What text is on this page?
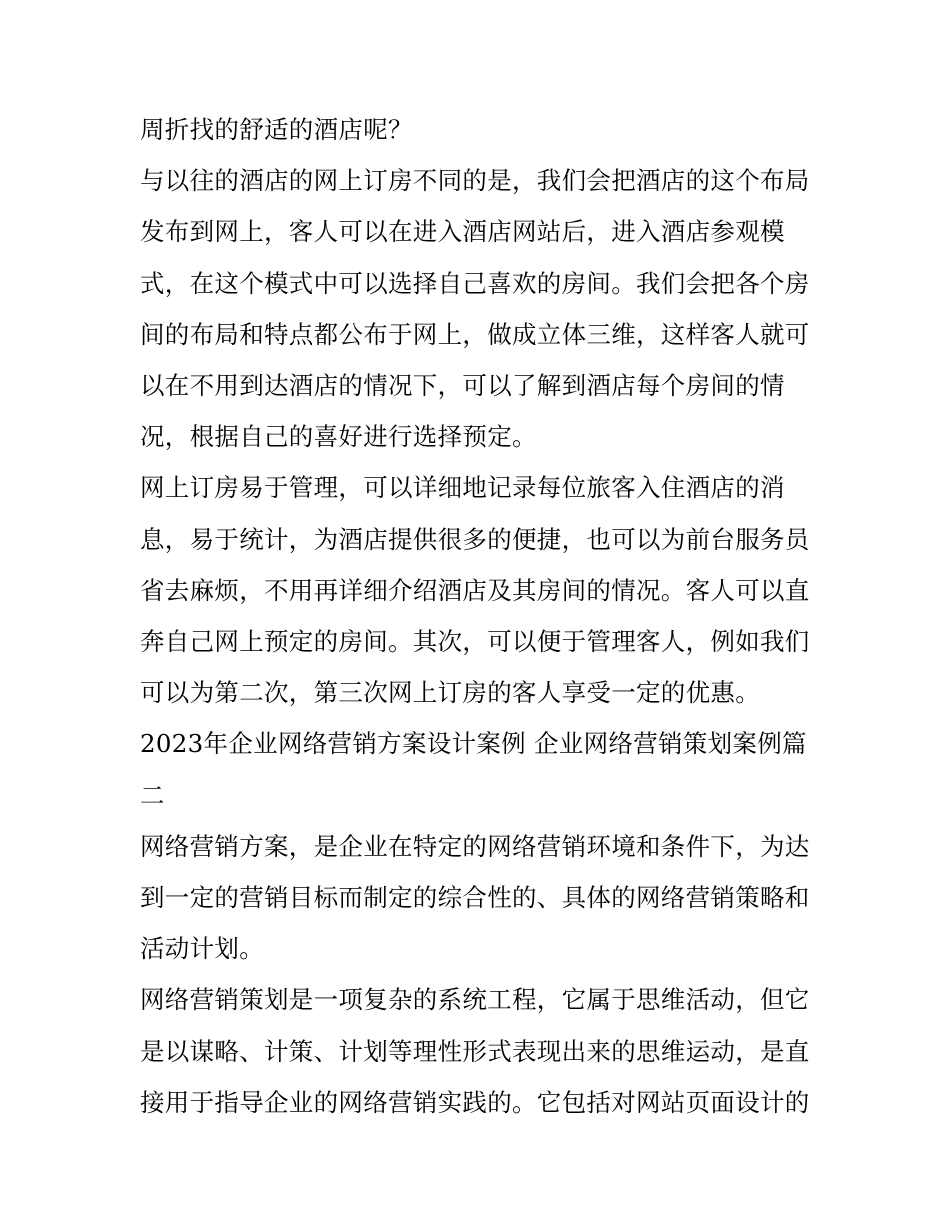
周折找的舒适的酒店呢？

与以往的酒店的网上订房不同的是，我们会把酒店的这个布局发布到网上，客人可以在进入酒店网站后，进入酒店参观模式，在这个模式中可以选择自己喜欢的房间。我们会把各个房间的布局和特点都公布于网上，做成立体三维，这样客人就可以在不用到达酒店的情况下，可以了解到酒店每个房间的情况，根据自己的喜好进行选择预定。

网上订房易于管理，可以详细地记录每位旅客入住酒店的消息，易于统计，为酒店提供很多的便捷，也可以为前台服务员省去麻烦，不用再详细介绍酒店及其房间的情况。客人可以直奔自己网上预定的房间。其次，可以便于管理客人，例如我们可以为第二次，第三次网上订房的客人享受一定的优惠。

2023年企业网络营销方案设计案例 企业网络营销策划案例篇二

网络营销方案，是企业在特定的网络营销环境和条件下，为达到一定的营销目标而制定的综合性的、具体的网络营销策略和活动计划。

网络营销策划是一项复杂的系统工程，它属于思维活动，但它是以谋略、计策、计划等理性形式表现出来的思维运动，是直接用于指导企业的网络营销实践的。它包括对网站页面设计的
